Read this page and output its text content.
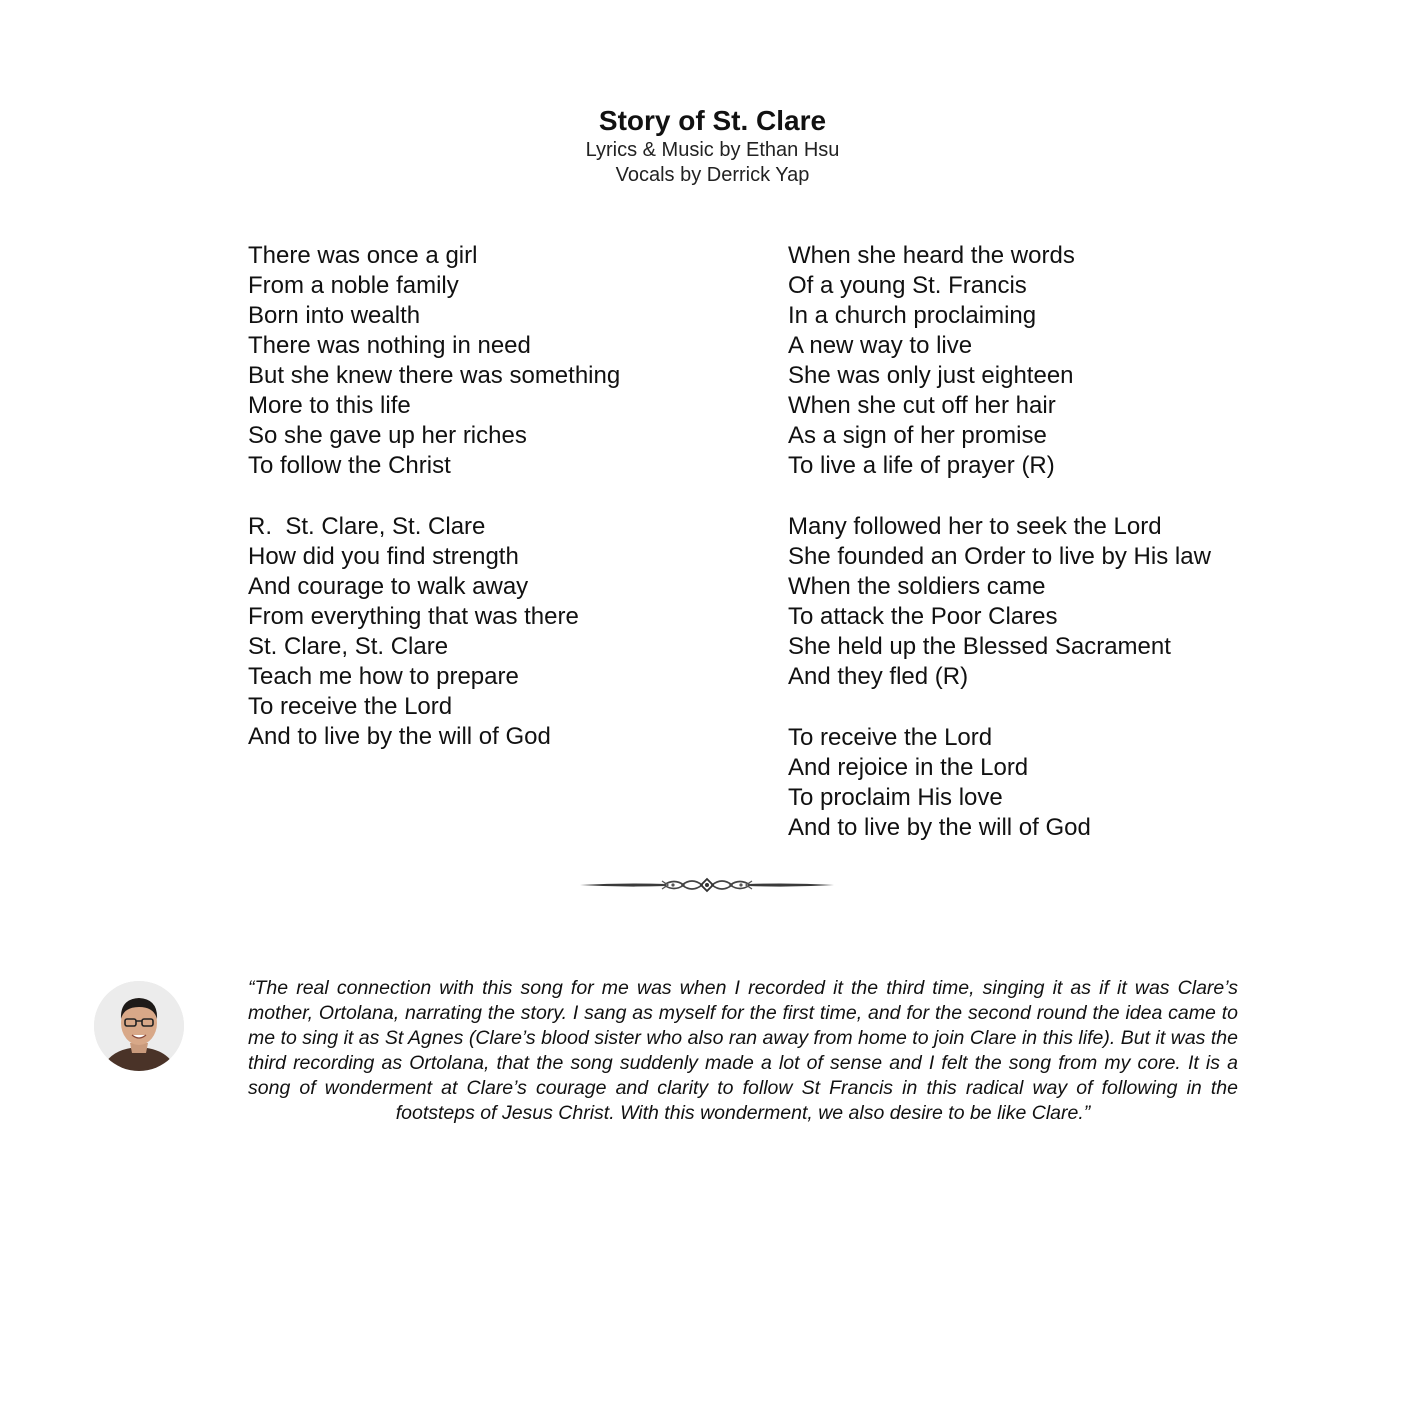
Story of St. Clare
Lyrics & Music by Ethan Hsu
Vocals by Derrick Yap
There was once a girl
From a noble family
Born into wealth
There was nothing in need
But she knew there was something
More to this life
So she gave up her riches
To follow the Christ
R.  St. Clare, St. Clare
How did you find strength
And courage to walk away
From everything that was there
St. Clare, St. Clare
Teach me how to prepare
To receive the Lord
And to live by the will of God
When she heard the words
Of a young St. Francis
In a church proclaiming
A new way to live
She was only just eighteen
When she cut off her hair
As a sign of her promise
To live a life of prayer (R)
Many followed her to seek the Lord
She founded an Order to live by His law
When the soldiers came
To attack the Poor Clares
She held up the Blessed Sacrament
And they fled (R)
To receive the Lord
And rejoice in the Lord
To proclaim His love
And to live by the will of God
“The real connection with this song for me was when I recorded it the third time, singing it as if it was Clare’s mother, Ortolana, narrating the story. I sang as myself for the first time, and for the second round the idea came to me to sing it as St Agnes (Clare’s blood sister who also ran away from home to join Clare in this life). But it was the third recording as Ortolana, that the song suddenly made a lot of sense and I felt the song from my core. It is a song of wonderment at Clare’s courage and clarity to follow St Francis in this radical way of following in the footsteps of Jesus Christ. With this wonderment, we also desire to be like Clare.”
